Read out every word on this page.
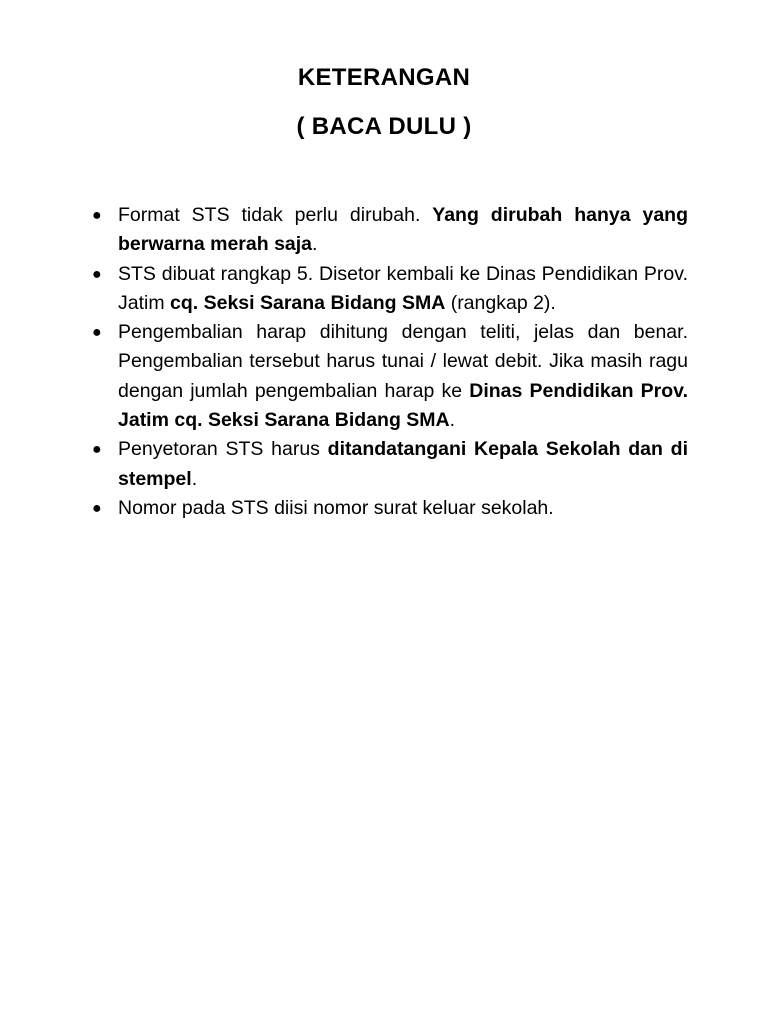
KETERANGAN
( BACA DULU )
● Format STS tidak perlu dirubah. Yang dirubah hanya yang berwarna merah saja.
● STS dibuat rangkap 5. Disetor kembali ke Dinas Pendidikan Prov. Jatim cq. Seksi Sarana Bidang SMA (rangkap 2).
● Pengembalian harap dihitung dengan teliti, jelas dan benar. Pengembalian tersebut harus tunai / lewat debit. Jika masih ragu dengan jumlah pengembalian harap ke Dinas Pendidikan Prov. Jatim cq. Seksi Sarana Bidang SMA.
● Penyetoran STS harus ditandatangani Kepala Sekolah dan di stempel.
● Nomor pada STS diisi nomor surat keluar sekolah.
